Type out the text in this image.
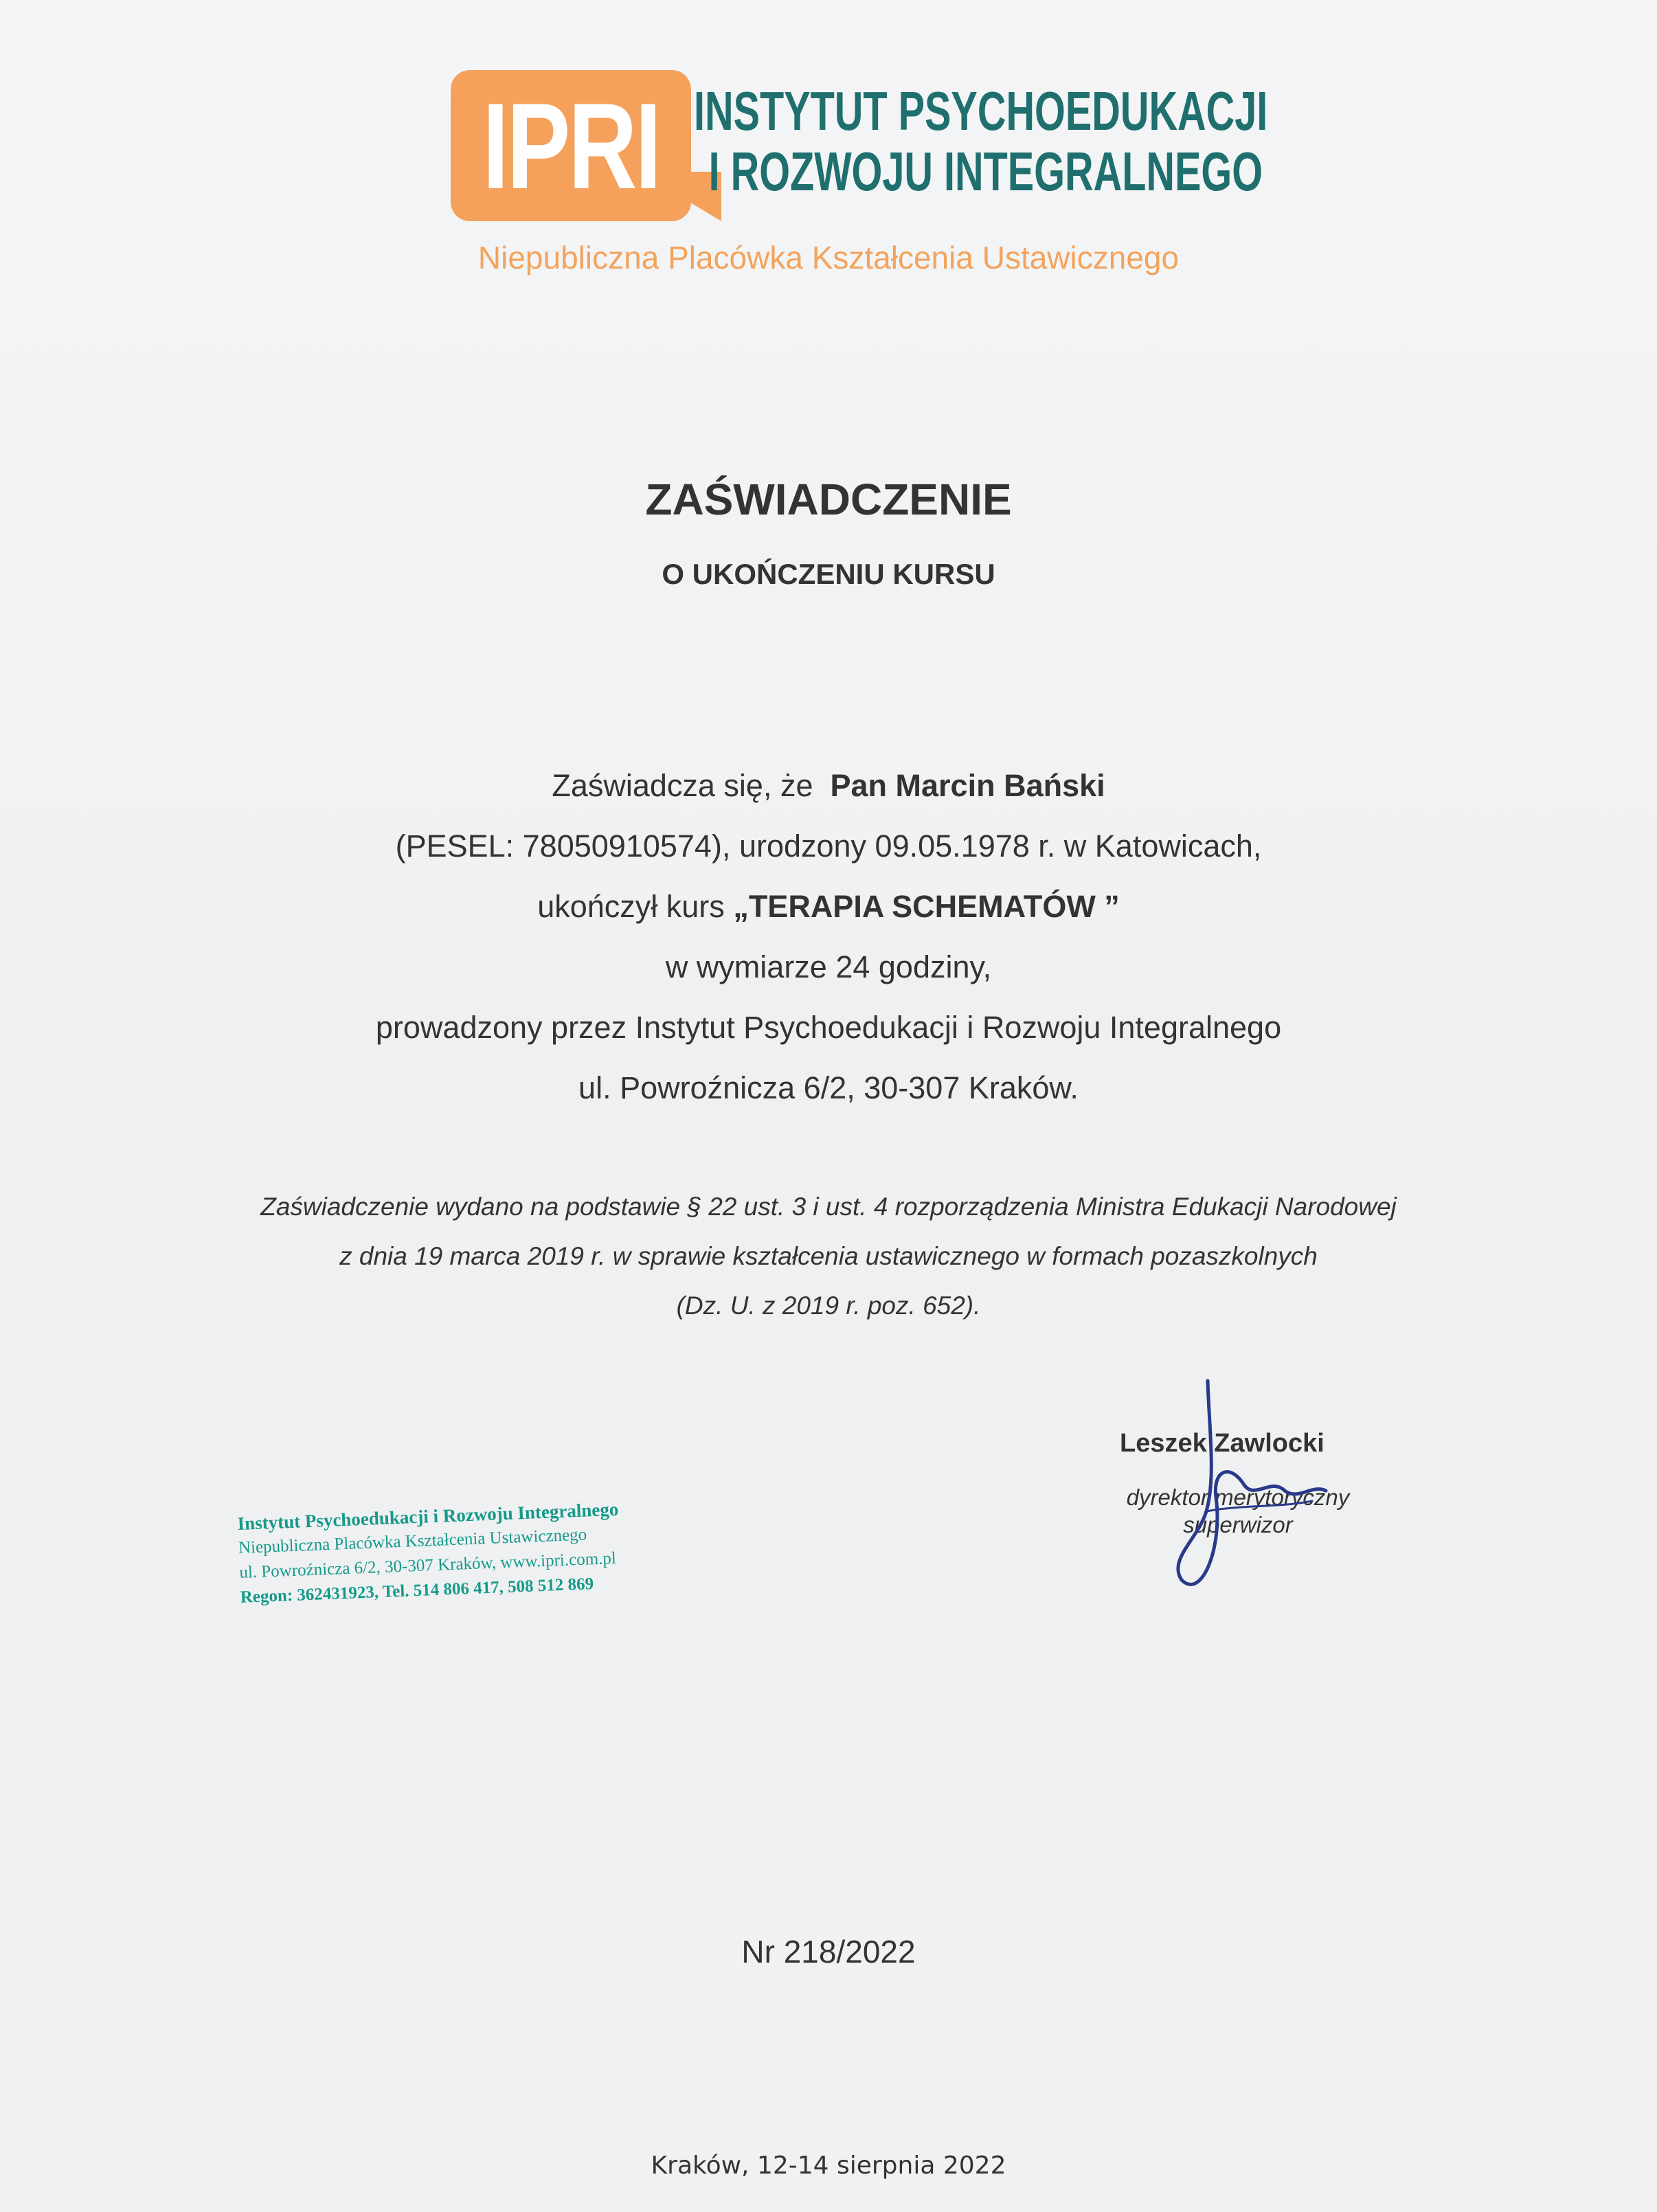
IPRI INSTYTUT PSYCHOEDUKACJI
I ROZWOJU INTEGRALNEGO
Niepubliczna Placówka Kształcenia Ustawicznego
ZAŚWIADCZENIE
O UKOŃCZENIU KURSU
Zaświadcza się, że Pan Marcin Bański
(PESEL: 78050910574), urodzony 09.05.1978 r. w Katowicach,
ukończył kurs „TERAPIA SCHEMATÓW ”
w wymiarze 24 godziny,
prowadzony przez Instytut Psychoedukacji i Rozwoju Integralnego
ul. Powroźnicza 6/2, 30-307 Kraków.
Zaświadczenie wydano na podstawie § 22 ust. 3 i ust. 4 rozporządzenia Ministra Edukacji Narodowej
z dnia 19 marca 2019 r. w sprawie kształcenia ustawicznego w formach pozaszkolnych
(Dz. U. z 2019 r. poz. 652).
Leszek Zawlocki
dyrektor merytoryczny
superwizor
Instytut Psychoedukacji i Rozwoju Integralnego
Niepubliczna Placówka Kształcenia Ustawicznego
ul. Powroźnicza 6/2, 30-307 Kraków, www.ipri.com.pl
Regon: 362431923, Tel. 514 806 417, 508 512 869
Nr 218/2022
Kraków, 12-14 sierpnia 2022
